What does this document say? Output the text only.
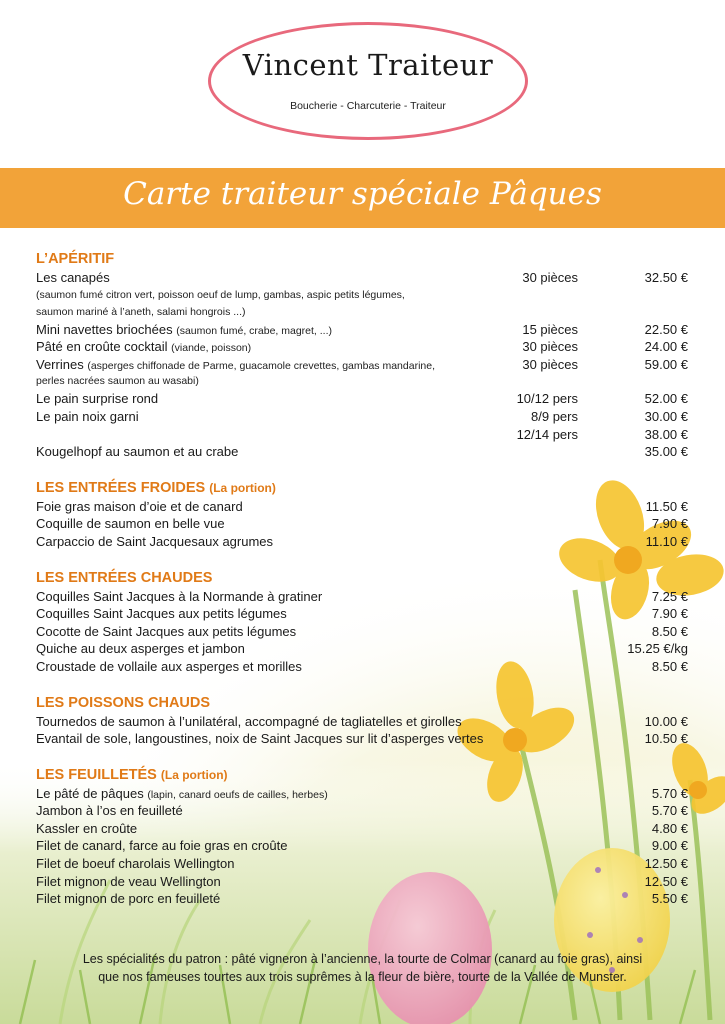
Vincent Traiteur
Boucherie - Charcuterie - Traiteur
Carte traiteur spéciale Pâques
L’APÉRITIF
Les canapés	30 pièces	32.50 €
(saumon fumé citron vert, poisson oeuf de lump, gambas, aspic petits légumes,
saumon mariné à l’aneth, salami hongrois ...)
Mini navettes briochées (saumon fumé, crabe, magret, ...)	15 pièces	22.50 €
Pâté en croûte cocktail (viande, poisson)	30 pièces	24.00 €
Verrines (asperges chiffonade de Parme, guacamole crevettes, gambas mandarine,	30 pièces	59.00 €
perles nacrées saumon au wasabi)
Le pain surprise rond	10/12 pers	52.00 €
Le pain noix garni	8/9 pers	30.00 €
12/14 pers	38.00 €
Kougelhopf au saumon et au crabe	35.00 €
LES ENTRÉES FROIDES (La portion)
Foie gras maison d’oie et de canard	11.50 €
Coquille de saumon en belle vue	7.90 €
Carpaccio de Saint Jacquesaux agrumes	11.10 €
LES ENTRÉES CHAUDES
Coquilles Saint Jacques à la Normande à gratiner	7.25 €
Coquilles Saint Jacques aux petits légumes	7.90 €
Cocotte de Saint Jacques aux petits légumes	8.50 €
Quiche au deux asperges et jambon	15.25 €/kg
Croustade de vollaile aux asperges et morilles	8.50 €
LES POISSONS CHAUDS
Tournedos de saumon à l’unilatéral, accompagné de tagliatelles et girolles	10.00 €
Evantail de sole, langoustines, noix de Saint Jacques sur lit d’asperges vertes	10.50 €
LES FEUILLETÉS (La portion)
Le pâté de pâques (lapin, canard oeufs de cailles, herbes)	5.70 €
Jambon à l’os en feuilleté	5.70 €
Kassler en croûte	4.80 €
Filet de canard, farce au foie gras en croûte	9.00 €
Filet de boeuf charolais Wellington	12.50 €
Filet mignon de veau Wellington	12.50 €
Filet mignon de porc en feuilleté	5.50 €
Les spécialités du patron : pâté vigneron à l’ancienne, la tourte de Colmar (canard au foie gras), ainsi
que nos fameuses tourtes aux trois suprêmes à la fleur de bière, tourte de la Vallée de Munster.
